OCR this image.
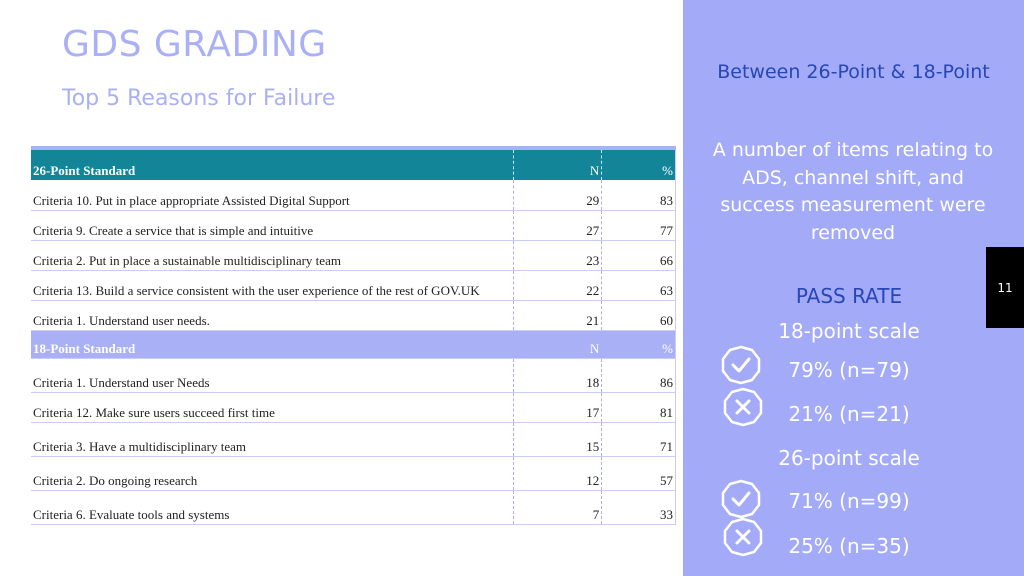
GDS GRADING
Top 5 Reasons for Failure
26-Point Standard	N	%
Criteria 10. Put in place appropriate Assisted Digital Support	29	83
Criteria 9. Create a service that is simple and intuitive	27	77
Criteria 2. Put in place a sustainable multidisciplinary team	23	66
Criteria 13. Build a service consistent with the user experience of the rest of GOV.UK	22	63
Criteria 1. Understand user needs.	21	60
18-Point Standard	N	%
Criteria 1. Understand user Needs	18	86
Criteria 12. Make sure users succeed first time	17	81
Criteria 3. Have a multidisciplinary team	15	71
Criteria 2. Do ongoing research	12	57
Criteria 6. Evaluate tools and systems	7	33
Between 26-Point & 18-Point
A number of items relating to ADS, channel shift, and success measurement were removed
PASS RATE
18-point scale
79% (n=79)
21% (n=21)
26-point scale
71% (n=99)
25% (n=35)
11
